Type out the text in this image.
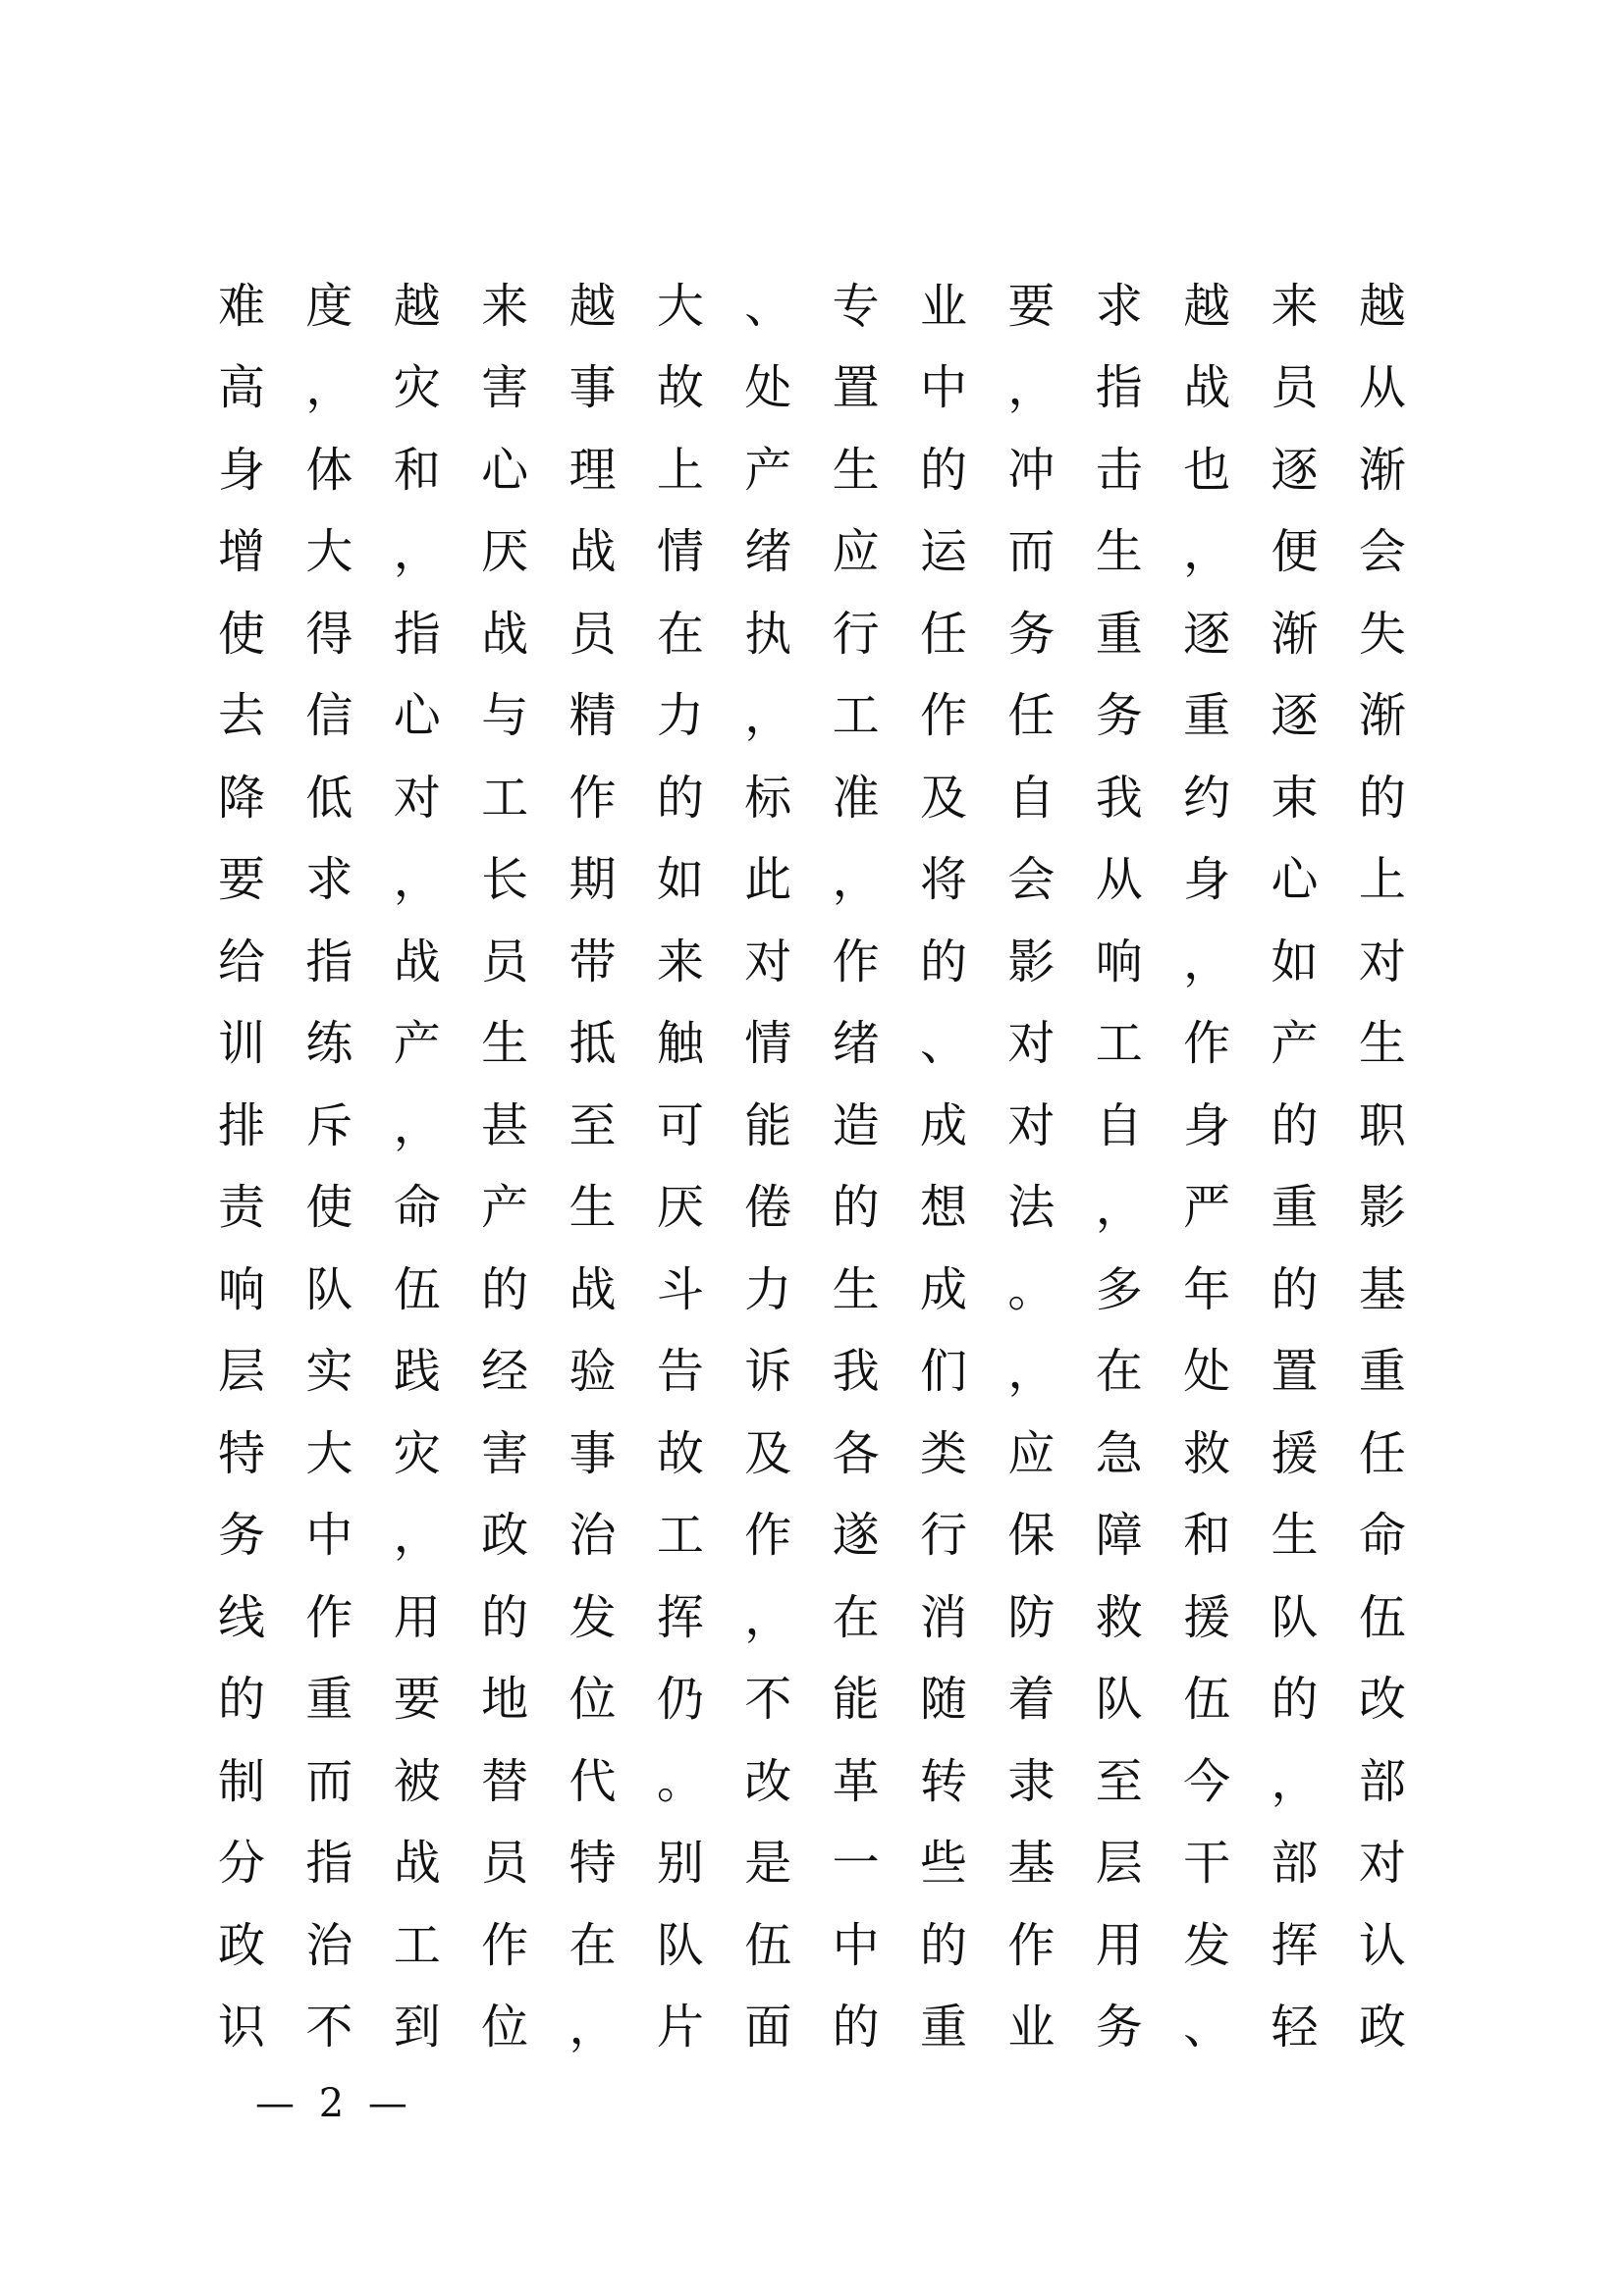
难 度 越 来 越 大 、 专 业 要 求 越 来 越
高 ， 灾 害 事 故 处 置 中 ， 指 战 员 从
身 体 和 心 理 上 产 生 的 冲 击 也 逐 渐
增 大 ， 厌 战 情 绪 应 运 而 生 ， 便 会
使 得 指 战 员 在 执 行 任 务 重 逐 渐 失
去 信 心 与 精 力 ， 工 作 任 务 重 逐 渐
降 低 对 工 作 的 标 准 及 自 我 约 束 的
要 求 ， 长 期 如 此 ， 将 会 从 身 心 上
给 指 战 员 带 来 对 作 的 影 响 ， 如 对
训 练 产 生 抵 触 情 绪 、 对 工 作 产 生
排 斥 ， 甚 至 可 能 造 成 对 自 身 的 职
责 使 命 产 生 厌 倦 的 想 法 ， 严 重 影
响 队 伍 的 战 斗 力 生 成 。 多 年 的 基
层 实 践 经 验 告 诉 我 们 ， 在 处 置 重
特 大 灾 害 事 故 及 各 类 应 急 救 援 任
务 中 ， 政 治 工 作 遂 行 保 障 和 生 命
线 作 用 的 发 挥 ， 在 消 防 救 援 队 伍
的 重 要 地 位 仍 不 能 随 着 队 伍 的 改
制 而 被 替 代 。 改 革 转 隶 至 今 ， 部
分 指 战 员 特 别 是 一 些 基 层 干 部 对
政 治 工 作 在 队 伍 中 的 作 用 发 挥 认
识 不 到 位 ， 片 面 的 重 业 务 、 轻 政
— 2 —
